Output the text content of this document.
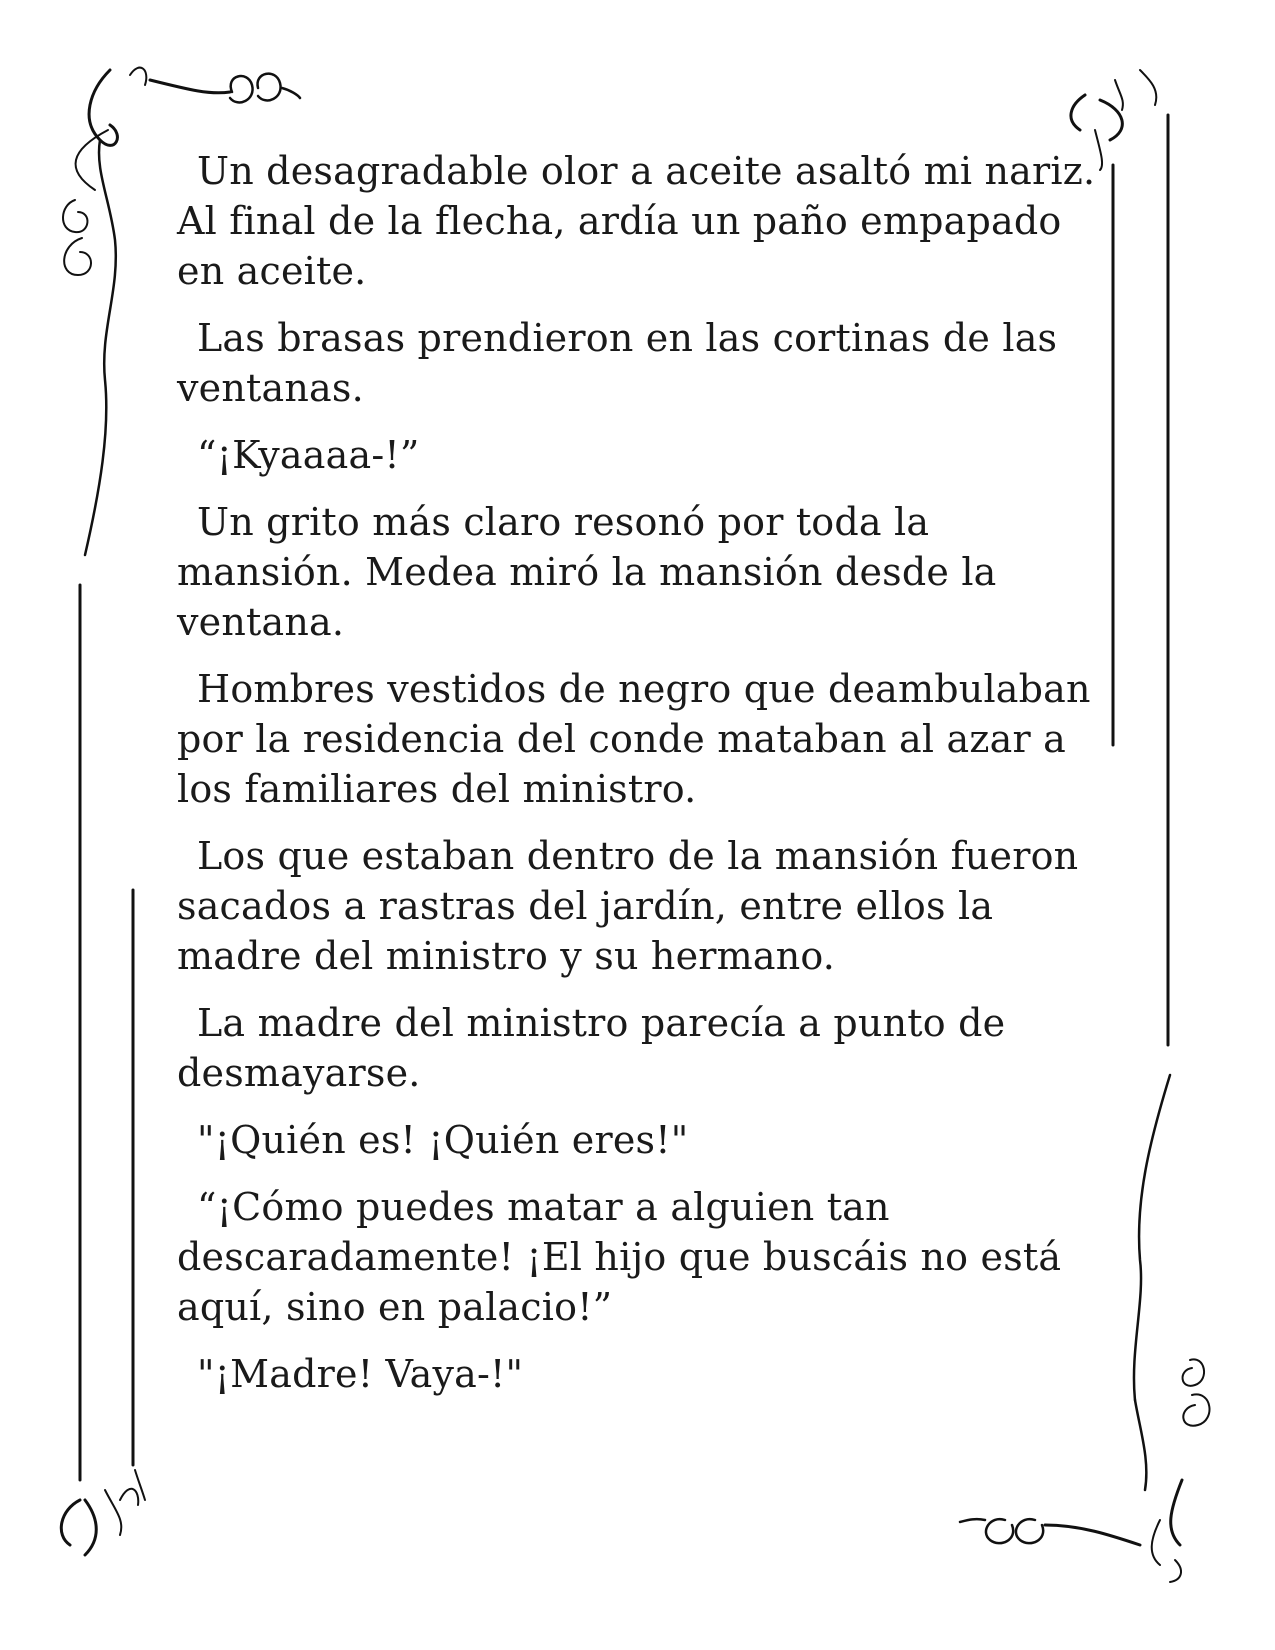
Un desagradable olor a aceite asaltó mi nariz. Al final de la flecha, ardía un paño empapado en aceite.

Las brasas prendieron en las cortinas de las ventanas.

“¡Kyaaaa-!”

Un grito más claro resonó por toda la mansión. Medea miró la mansión desde la ventana.

Hombres vestidos de negro que deambulaban por la residencia del conde mataban al azar a los familiares del ministro.

Los que estaban dentro de la mansión fueron sacados a rastras del jardín, entre ellos la madre del ministro y su hermano.

La madre del ministro parecía a punto de desmayarse.

"¡Quién es! ¡Quién eres!"

“¡Cómo puedes matar a alguien tan descaradamente! ¡El hijo que buscáis no está aquí, sino en palacio!”

"¡Madre! Vaya-!"
